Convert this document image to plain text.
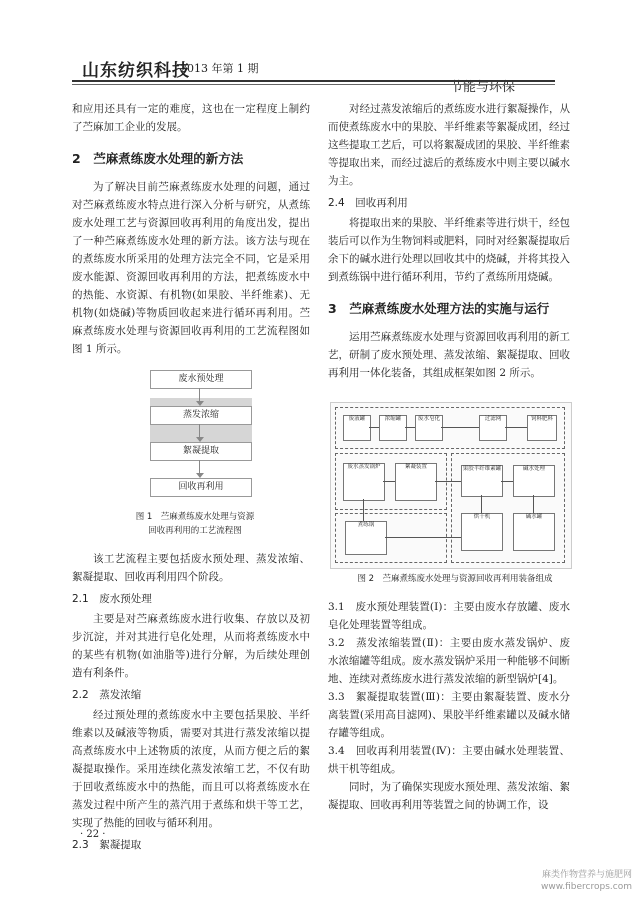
山东纺织科技
2013 年第 1 期
节能与环保

和应用还具有一定的难度，这也在一定程度上制约了苎麻加工企业的发展。

2　苎麻煮练废水处理的新方法

为了解决目前苎麻煮练废水处理的问题，通过对苎麻煮练废水特点进行深入分析与研究，从煮练废水处理工艺与资源回收再利用的角度出发，提出了一种苎麻煮练废水处理的新方法。该方法与现在的煮练废水所采用的处理方法完全不同，它是采用废水能源、资源回收再利用的方法，把煮练废水中的热能、水资源、有机物(如果胶、半纤维素)、无机物(如烧碱)等物质回收起来进行循环再利用。苎麻煮练废水处理与资源回收再利用的工艺流程图如图 1 所示。

废水预处理
蒸发浓缩
絮凝提取
回收再利用
图 1　苎麻煮练废水处理与资源
回收再利用的工艺流程图

该工艺流程主要包括废水预处理、蒸发浓缩、絮凝提取、回收再利用四个阶段。

2.1　废水预处理

主要是对苎麻煮练废水进行收集、存放以及初步沉淀，并对其进行皂化处理，从而将煮练废水中的某些有机物(如油脂等)进行分解，为后续处理创造有利条件。

2.2　蒸发浓缩

经过预处理的煮练废水中主要包括果胶、半纤维素以及碱液等物质，需要对其进行蒸发浓缩以提高煮练废水中上述物质的浓度，从而方便之后的絮凝提取操作。采用连续化蒸发浓缩工艺，不仅有助于回收煮练废水中的热能，而且可以将煮练废水在蒸发过程中所产生的蒸汽用于煮练和烘干等工艺，实现了热能的回收与循环利用。

2.3　絮凝提取

· 22 ·

对经过蒸发浓缩后的煮练废水进行絮凝操作，从而使煮练废水中的果胶、半纤维素等絮凝成团，经过这些提取工艺后，可以将絮凝成团的果胶、半纤维素等提取出来，而经过滤后的煮练废水中则主要以碱水为主。

2.4　回收再利用

将提取出来的果胶、半纤维素等进行烘干，经包装后可以作为生物饲料或肥料，同时对经絮凝提取后余下的碱水进行处理以回收其中的烧碱，并将其投入到煮练锅中进行循环利用，节约了煮练所用烧碱。

3　苎麻煮练废水处理方法的实施与运行

运用苎麻煮练废水处理与资源回收再利用的新工艺，研制了废水预处理、蒸发浓缩、絮凝提取、回收再利用一体化装备，其组成框架如图 2 所示。

废液罐	浓缩罐	废水皂化	过滤网	饲料肥料
废水蒸发锅炉	絮凝装置	果胶半纤维素罐	碱水处理
烘干机	碱水罐
煮练锅
图 2　苎麻煮练废水处理与资源回收再利用装备组成

3.1　废水预处理装置(Ⅰ)：主要由废水存放罐、废水皂化处理装置等组成。

3.2　蒸发浓缩装置(Ⅱ)：主要由废水蒸发锅炉、废水浓缩罐等组成。废水蒸发锅炉采用一种能够不间断地、连续对煮练废水进行蒸发浓缩的新型锅炉[4]。

3.3　絮凝提取装置(Ⅲ)：主要由絮凝装置、废水分离装置(采用高目滤网)、果胶半纤维素罐以及碱水储存罐等组成。

3.4　回收再利用装置(Ⅳ)：主要由碱水处理装置、烘干机等组成。

同时，为了确保实现废水预处理、蒸发浓缩、絮凝提取、回收再利用等装置之间的协调工作，设

麻类作物营养与施肥网
www.fibercrops.com
